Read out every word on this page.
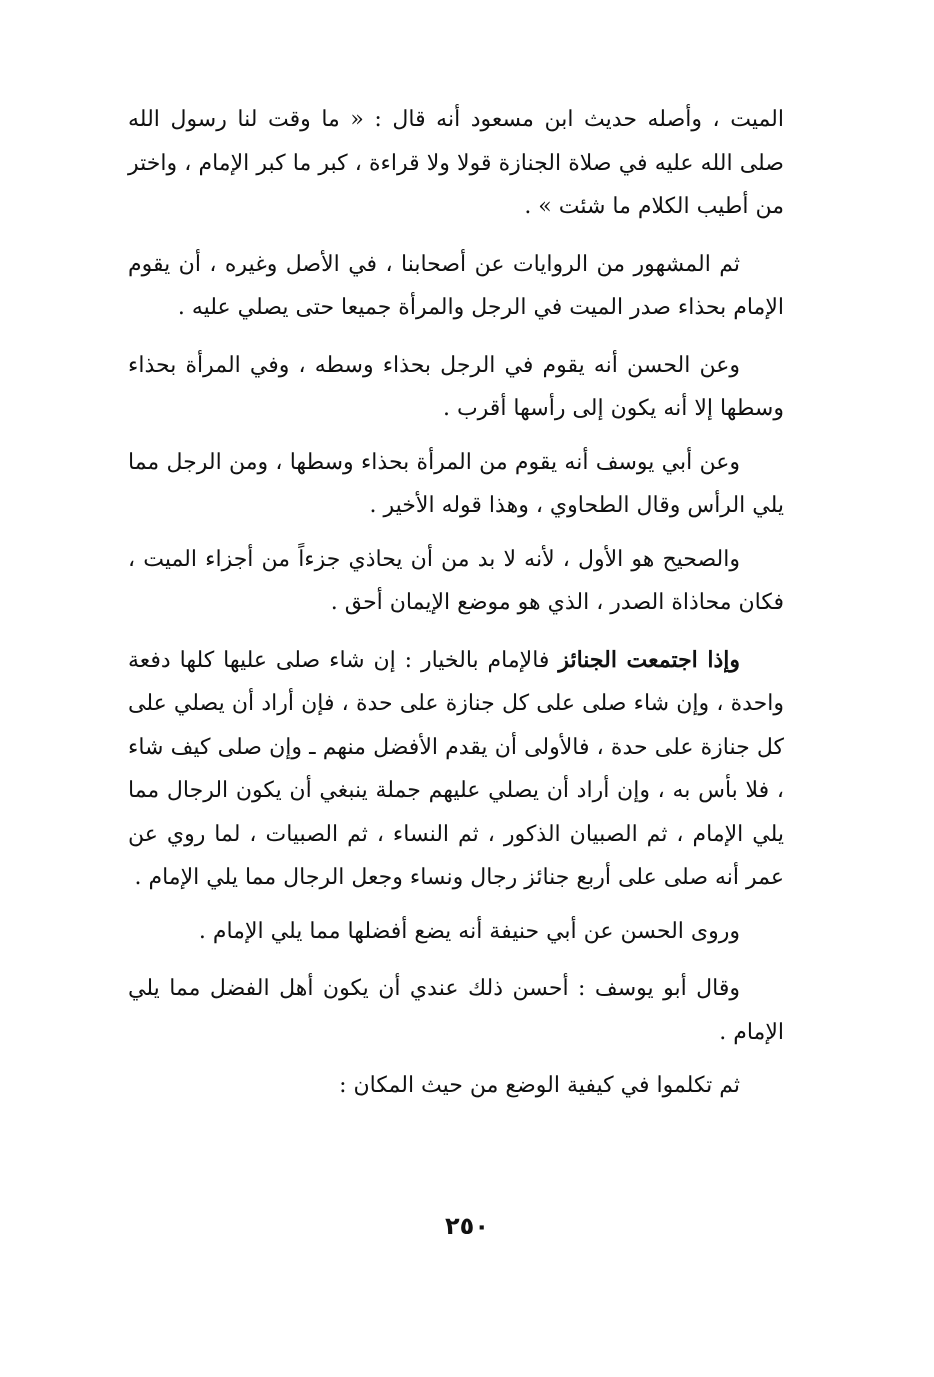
الميت ، وأصله حديث ابن مسعود أنه قال : « ما وقت لنا رسول الله صلى الله عليه في صلاة الجنازة قولا ولا قراءة ، كبر ما كبر الإمام ، واختر من أطيب الكلام ما شئت » .

ثم المشهور من الروايات عن أصحابنا ، في الأصل وغيره ، أن يقوم الإمام بحذاء صدر الميت في الرجل والمرأة جميعا حتى يصلي عليه .

وعن الحسن أنه يقوم في الرجل بحذاء وسطه ، وفي المرأة بحذاء وسطها إلا أنه يكون إلى رأسها أقرب .

وعن أبي يوسف أنه يقوم من المرأة بحذاء وسطها ، ومن الرجل مما يلي الرأس وقال الطحاوي ، وهذا قوله الأخير .

والصحيح هو الأول ، لأنه لا بد من أن يحاذي جزءاً من أجزاء الميت ، فكان محاذاة الصدر ، الذي هو موضع الإيمان أحق .

وإذا اجتمعت الجنائز فالإمام بالخيار : إن شاء صلى عليها كلها دفعة واحدة ، وإن شاء صلى على كل جنازة على حدة ، فإن أراد أن يصلي على كل جنازة على حدة ، فالأولى أن يقدم الأفضل منهم ـ وإن صلى كيف شاء ، فلا بأس به ، وإن أراد أن يصلي عليهم جملة ينبغي أن يكون الرجال مما يلي الإمام ، ثم الصبيان الذكور ، ثم النساء ، ثم الصبيات ، لما روي عن عمر أنه صلى على أربع جنائز رجال ونساء وجعل الرجال مما يلي الإمام .

وروى الحسن عن أبي حنيفة أنه يضع أفضلها مما يلي الإمام .

وقال أبو يوسف : أحسن ذلك عندي أن يكون أهل الفضل مما يلي الإمام .

ثم تكلموا في كيفية الوضع من حيث المكان :

٢٥٠
